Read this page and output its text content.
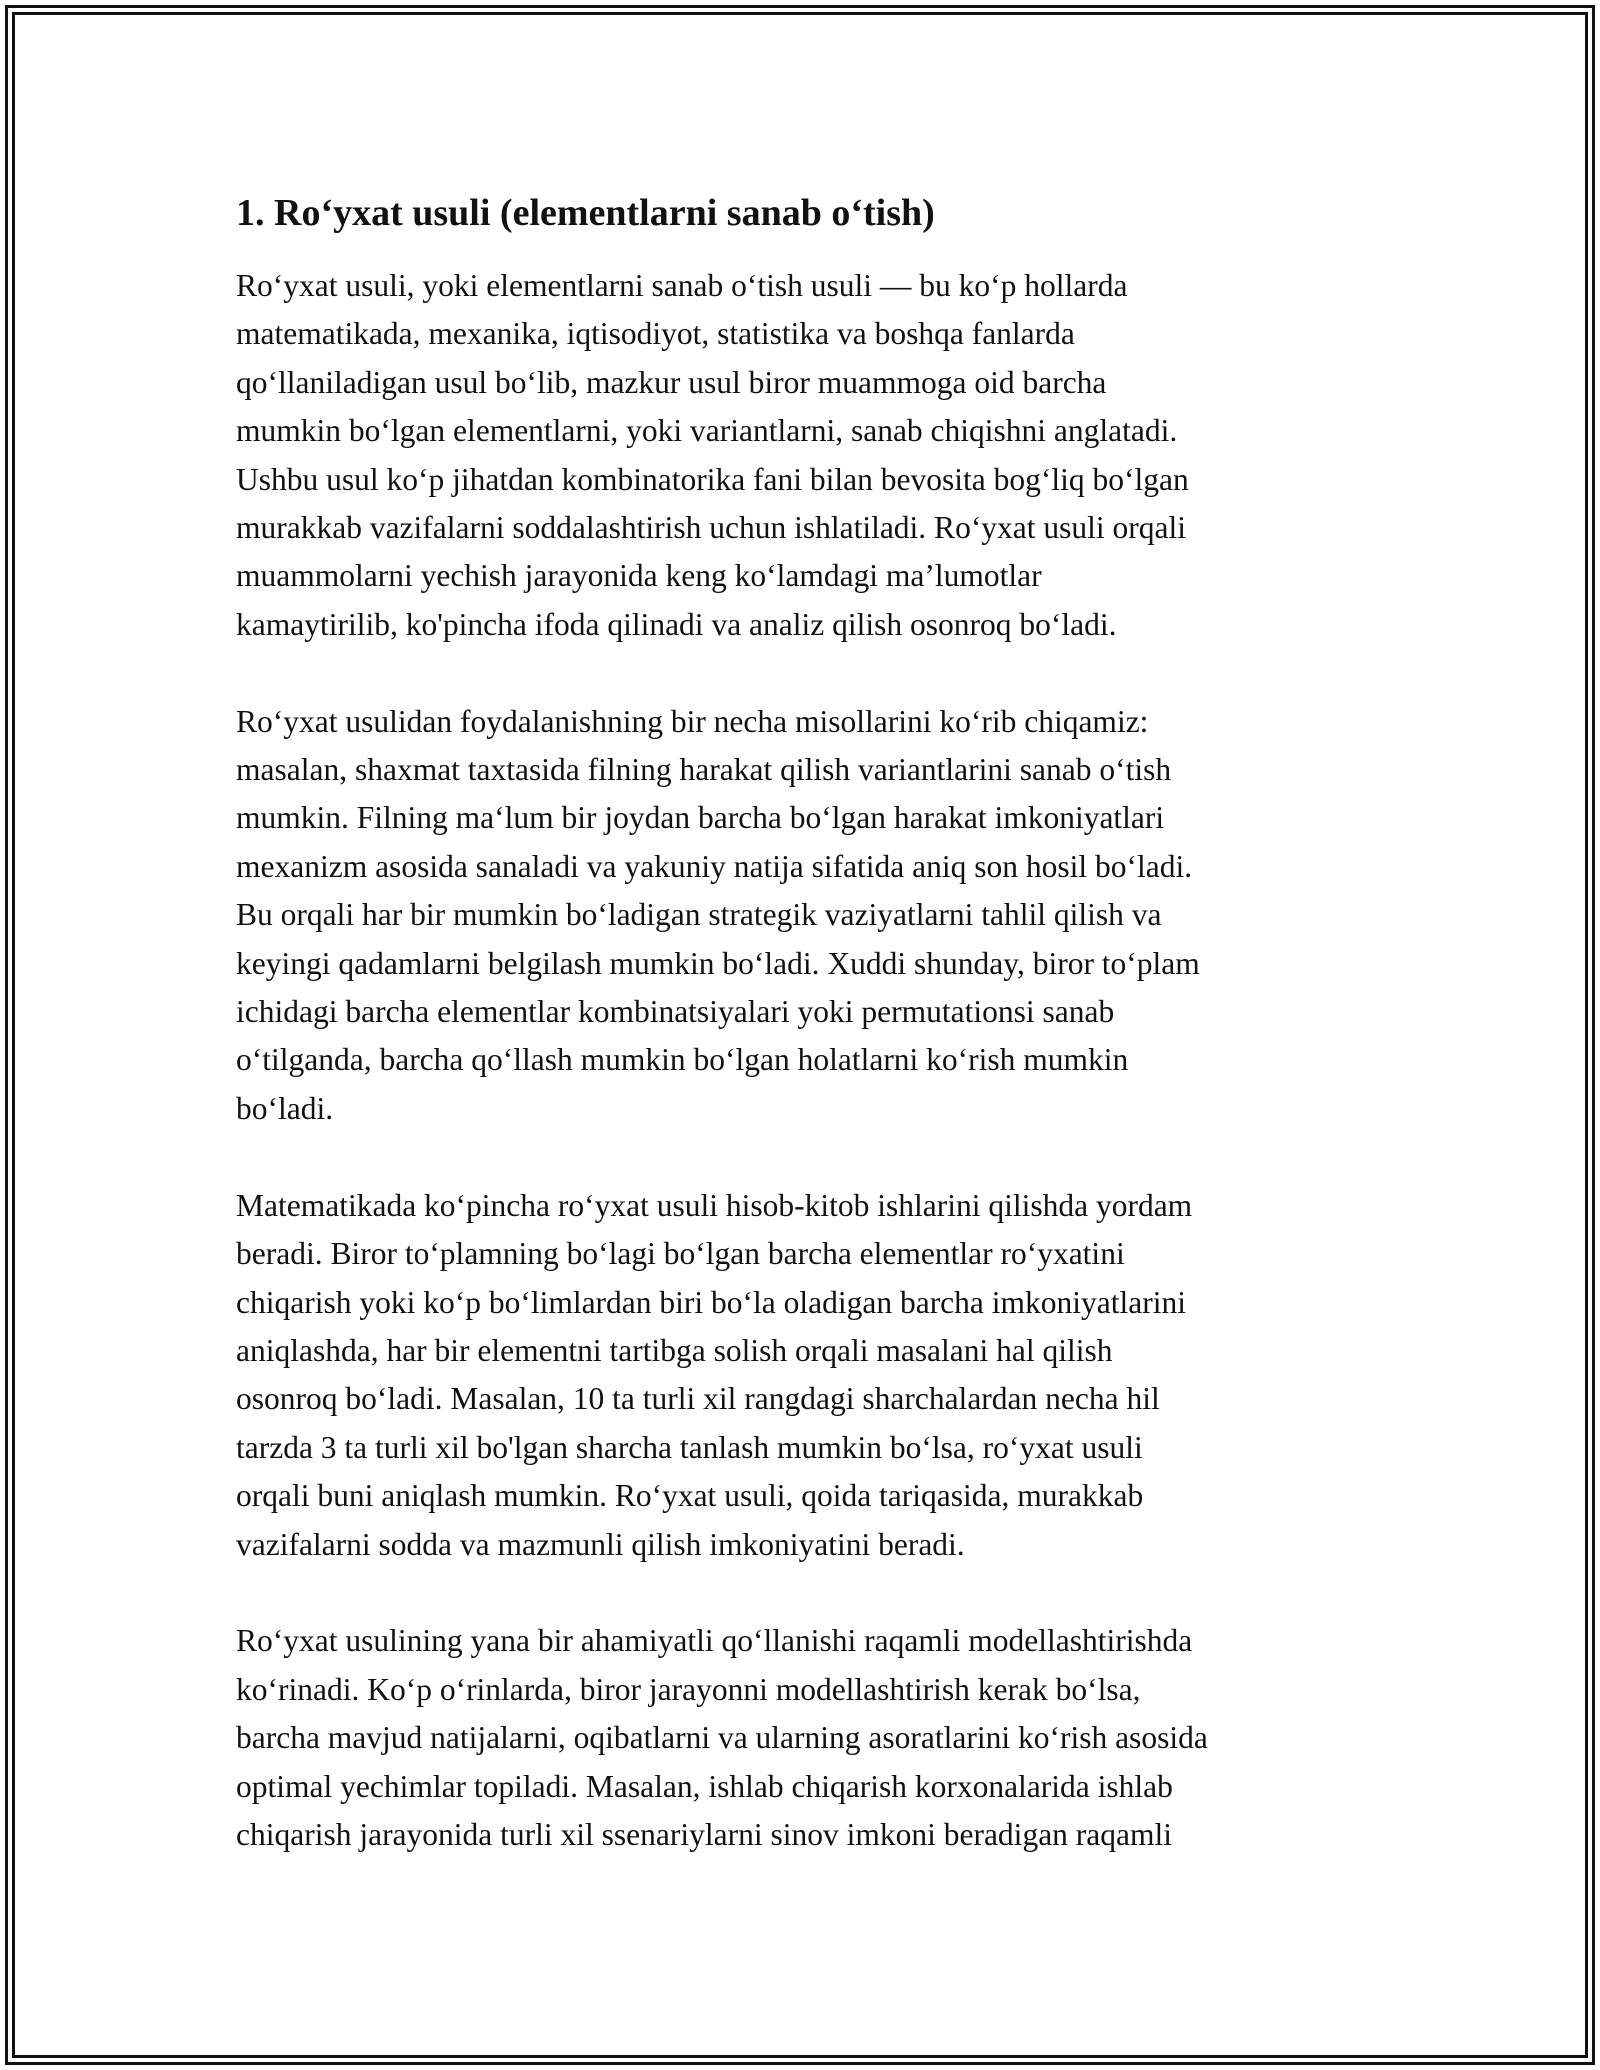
1. Ro‘yxat usuli (elementlarni sanab o‘tish)
Ro‘yxat usuli, yoki elementlarni sanab o‘tish usuli — bu ko‘p hollarda
matematikada, mexanika, iqtisodiyot, statistika va boshqa fanlarda
qo‘llaniladigan usul bo‘lib, mazkur usul biror muammoga oid barcha
mumkin bo‘lgan elementlarni, yoki variantlarni, sanab chiqishni anglatadi.
Ushbu usul ko‘p jihatdan kombinatorika fani bilan bevosita bog‘liq bo‘lgan
murakkab vazifalarni soddalashtirish uchun ishlatiladi. Ro‘yxat usuli orqali
muammolarni yechish jarayonida keng ko‘lamdagi ma’lumotlar
kamaytirilib, ko'pincha ifoda qilinadi va analiz qilish osonroq bo‘ladi.
Ro‘yxat usulidan foydalanishning bir necha misollarini ko‘rib chiqamiz:
masalan, shaxmat taxtasida filning harakat qilish variantlarini sanab o‘tish
mumkin. Filning ma‘lum bir joydan barcha bo‘lgan harakat imkoniyatlari
mexanizm asosida sanaladi va yakuniy natija sifatida aniq son hosil bo‘ladi.
Bu orqali har bir mumkin bo‘ladigan strategik vaziyatlarni tahlil qilish va
keyingi qadamlarni belgilash mumkin bo‘ladi. Xuddi shunday, biror to‘plam
ichidagi barcha elementlar kombinatsiyalari yoki permutationsi sanab
o‘tilganda, barcha qo‘llash mumkin bo‘lgan holatlarni ko‘rish mumkin
bo‘ladi.
Matematikada ko‘pincha ro‘yxat usuli hisob-kitob ishlarini qilishda yordam
beradi. Biror to‘plamning bo‘lagi bo‘lgan barcha elementlar ro‘yxatini
chiqarish yoki ko‘p bo‘limlardan biri bo‘la oladigan barcha imkoniyatlarini
aniqlashda, har bir elementni tartibga solish orqali masalani hal qilish
osonroq bo‘ladi. Masalan, 10 ta turli xil rangdagi sharchalardan necha hil
tarzda 3 ta turli xil bo'lgan sharcha tanlash mumkin bo‘lsa, ro‘yxat usuli
orqali buni aniqlash mumkin. Ro‘yxat usuli, qoida tariqasida, murakkab
vazifalarni sodda va mazmunli qilish imkoniyatini beradi.
Ro‘yxat usulining yana bir ahamiyatli qo‘llanishi raqamli modellashtirishda
ko‘rinadi. Ko‘p o‘rinlarda, biror jarayonni modellashtirish kerak bo‘lsa,
barcha mavjud natijalarni, oqibatlarni va ularning asoratlarini ko‘rish asosida
optimal yechimlar topiladi. Masalan, ishlab chiqarish korxonalarida ishlab
chiqarish jarayonida turli xil ssenariylarni sinov imkoni beradigan raqamli
